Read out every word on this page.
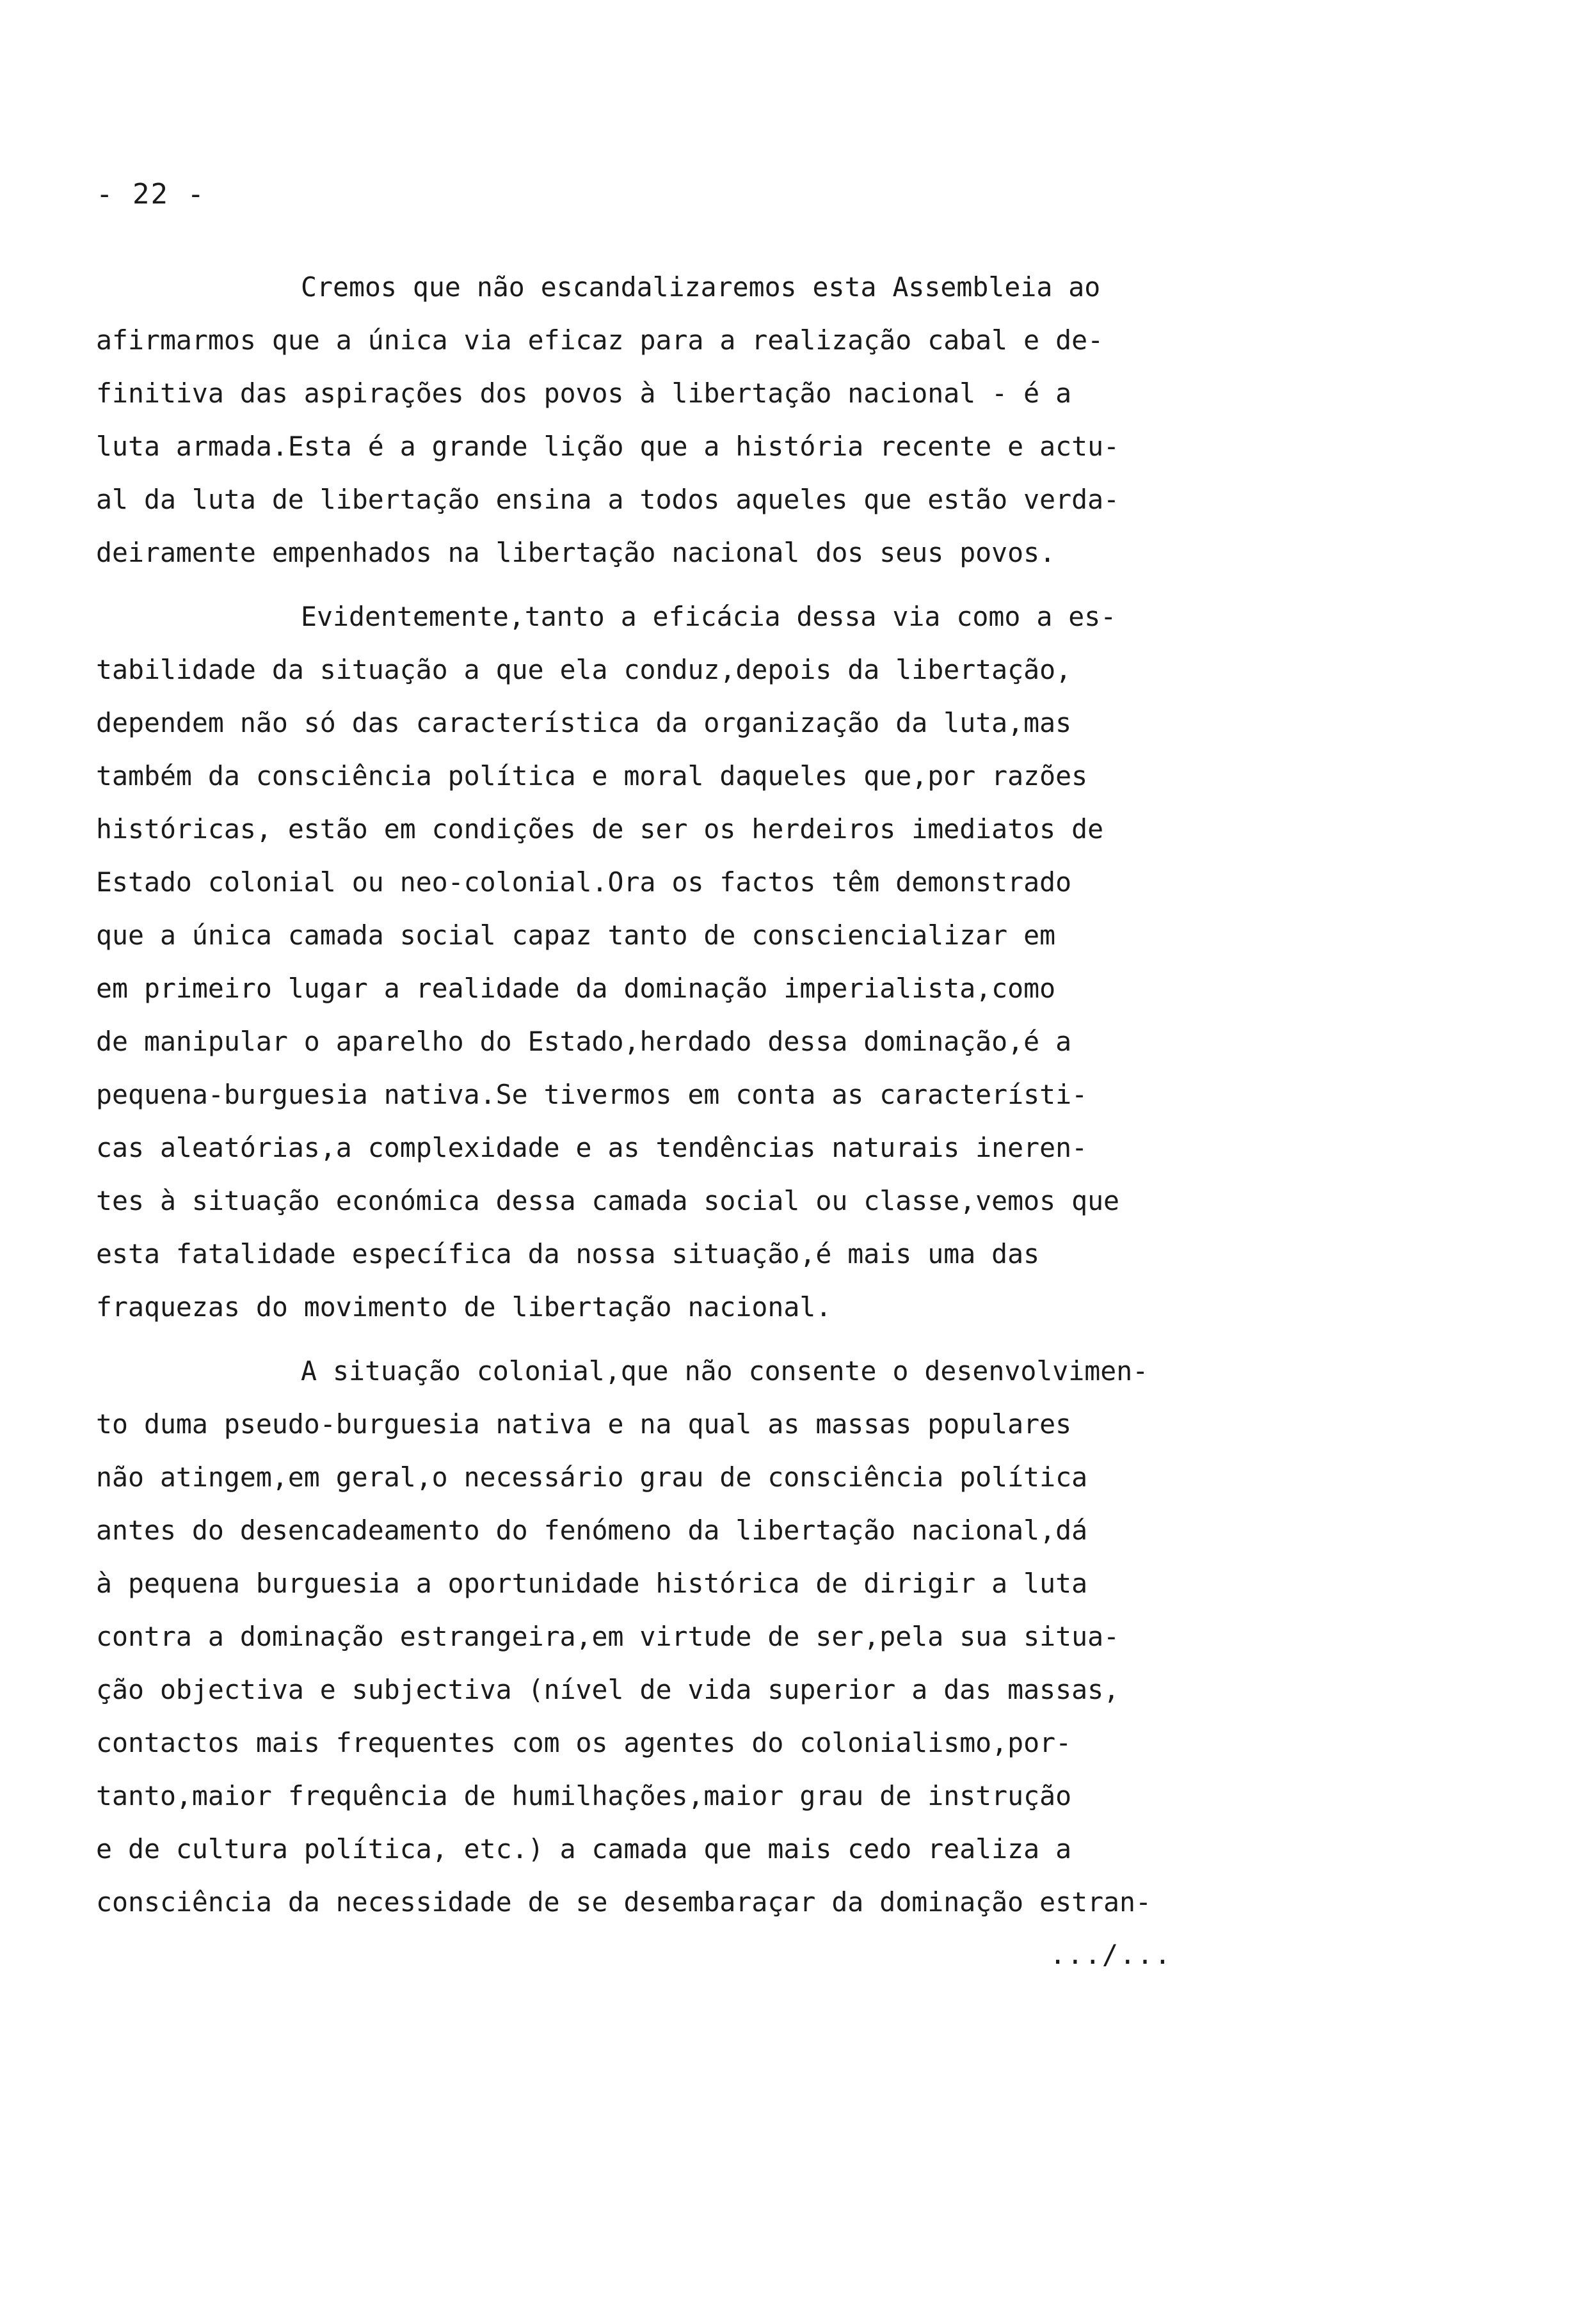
- 22 -
Cremos que não escandalizaremos esta Assembleia ao
afirmarmos que a única via eficaz para a realização cabal e de-
finitiva das aspirações dos povos à libertação nacional - é a
luta armada.Esta é a grande lição que a história recente e actu-
al da luta de libertação ensina a todos aqueles que estão verda-
deiramente empenhados na libertação nacional dos seus povos.
Evidentemente,tanto a eficácia dessa via como a es-
tabilidade da situação a que ela conduz,depois da libertação,
dependem não só das característica da organização da luta,mas
também da consciência política e moral daqueles que,por razões
históricas, estão em condições de ser os herdeiros imediatos de
Estado colonial ou neo-colonial.Ora os factos têm demonstrado
que a única camada social capaz tanto de consciencializar em
em primeiro lugar a realidade da dominação imperialista,como
de manipular o aparelho do Estado,herdado dessa dominação,é a
pequena-burguesia nativa.Se tivermos em conta as característi-
cas aleatórias,a complexidade e as tendências naturais ineren-
tes à situação económica dessa camada social ou classe,vemos que
esta fatalidade específica da nossa situação,é mais uma das
fraquezas do movimento de libertação nacional.
A situação colonial,que não consente o desenvolvimen-
to duma pseudo-burguesia nativa e na qual as massas populares
não atingem,em geral,o necessário grau de consciência política
antes do desencadeamento do fenómeno da libertação nacional,dá
à pequena burguesia a oportunidade histórica de dirigir a luta
contra a dominação estrangeira,em virtude de ser,pela sua situa-
ção objectiva e subjectiva (nível de vida superior a das massas,
contactos mais frequentes com os agentes do colonialismo,por-
tanto,maior frequência de humilhações,maior grau de instrução
e de cultura política, etc.) a camada que mais cedo realiza a
consciência da necessidade de se desembaraçar da dominação estran-
.../...
